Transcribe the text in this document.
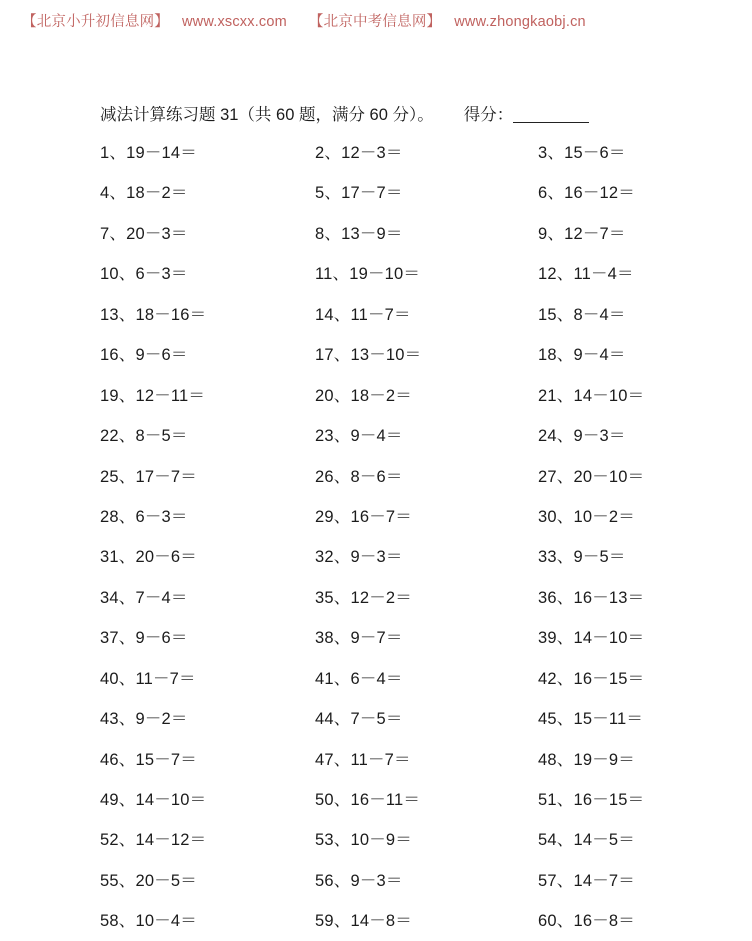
【北京小升初信息网】 www.xscxx.com 【北京中考信息网】 www.zhongkaobj.cn
减法计算练习题 31（共 60 题，满分 60 分）。 得分：
1、19－14＝	2、12－3＝	3、15－6＝
4、18－2＝	5、17－7＝	6、16－12＝
7、20－3＝	8、13－9＝	9、12－7＝
10、6－3＝	11、19－10＝	12、11－4＝
13、18－16＝	14、11－7＝	15、8－4＝
16、9－6＝	17、13－10＝	18、9－4＝
19、12－11＝	20、18－2＝	21、14－10＝
22、8－5＝	23、9－4＝	24、9－3＝
25、17－7＝	26、8－6＝	27、20－10＝
28、6－3＝	29、16－7＝	30、10－2＝
31、20－6＝	32、9－3＝	33、9－5＝
34、7－4＝	35、12－2＝	36、16－13＝
37、9－6＝	38、9－7＝	39、14－10＝
40、11－7＝	41、6－4＝	42、16－15＝
43、9－2＝	44、7－5＝	45、15－11＝
46、15－7＝	47、11－7＝	48、19－9＝
49、14－10＝	50、16－11＝	51、16－15＝
52、14－12＝	53、10－9＝	54、14－5＝
55、20－5＝	56、9－3＝	57、14－7＝
58、10－4＝	59、14－8＝	60、16－8＝
